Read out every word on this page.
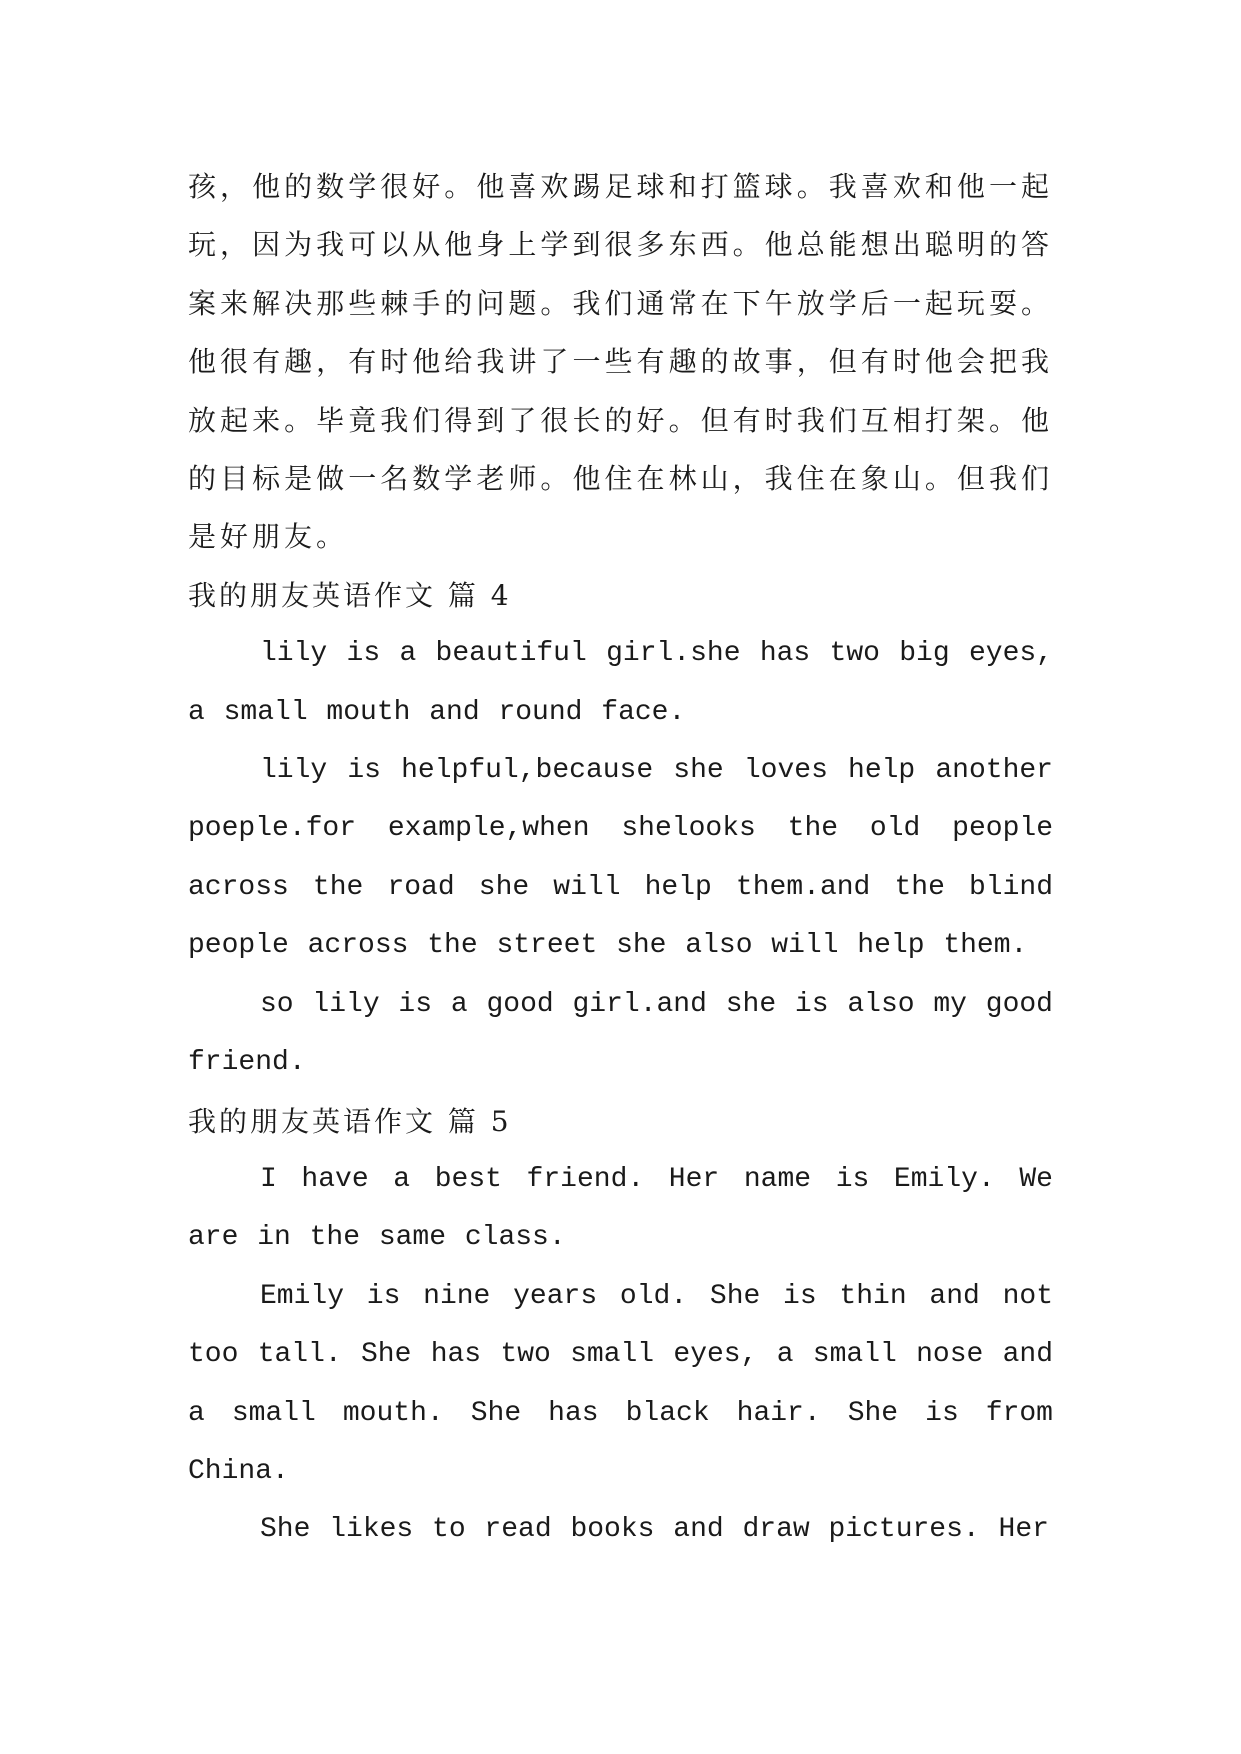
孩，他的数学很好。他喜欢踢足球和打篮球。我喜欢和他一起玩，因为我可以从他身上学到很多东西。他总能想出聪明的答案来解决那些棘手的问题。我们通常在下午放学后一起玩耍。他很有趣，有时他给我讲了一些有趣的故事，但有时他会把我放起来。毕竟我们得到了很长的好。但有时我们互相打架。他的目标是做一名数学老师。他住在林山，我住在象山。但我们是好朋友。

我的朋友英语作文 篇 4

lily is a beautiful girl.she has two big eyes, a small mouth and round face.

lily is helpful,because she loves help another poeple.for example,when shelooks the old people across the road she will help them.and the blind people across the street she also will help them.

so lily is a good girl.and she is also my good friend.

我的朋友英语作文 篇 5

I have a best friend. Her name is Emily. We are in the same class.

Emily is nine years old. She is thin and not too tall. She has two small eyes, a small nose and a small mouth. She has black hair. She is from China.

She likes to read books and draw pictures. Her
